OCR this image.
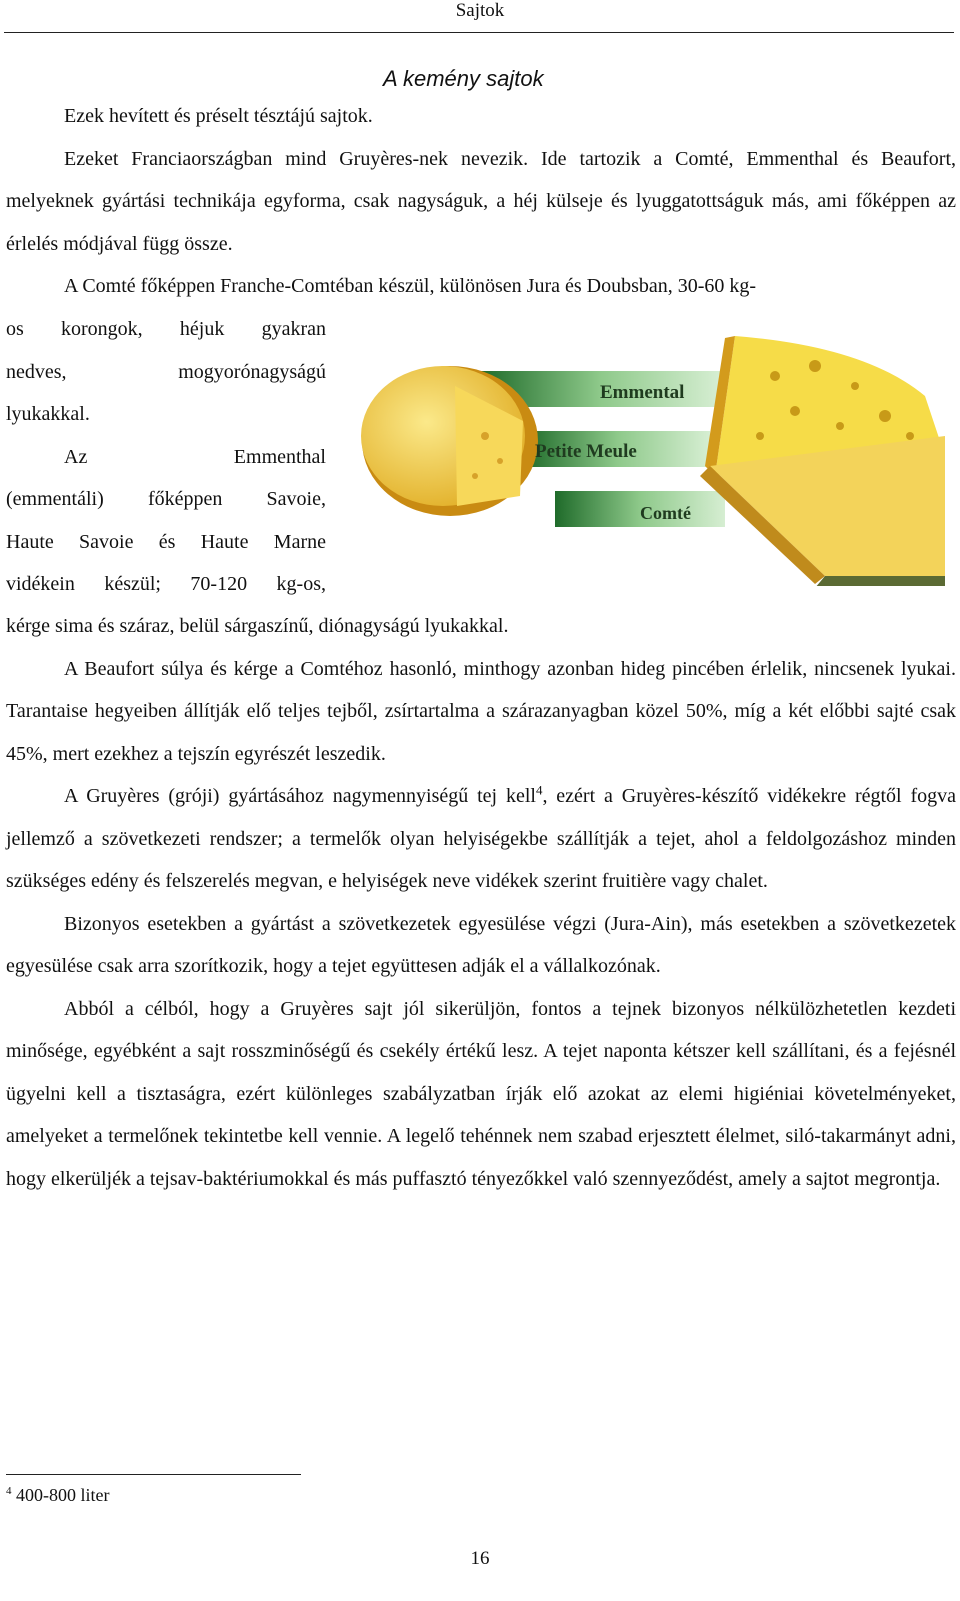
Sajtok
A kemény sajtok

Ezek hevített és préselt tésztájú sajtok.

Ezeket Franciaországban mind Gruyères-nek nevezik. Ide tartozik a Comté, Emmenthal és Beaufort, melyeknek gyártási technikája egyforma, csak nagyságuk, a héj külseje és lyuggatottságuk más, ami főképpen az érlelés módjával függ össze.

A Comté főképpen Franche-Comtéban készül, különösen Jura és Doubsban, 30-60 kg-

os korongok, héjuk gyakran

nedves, mogyorónagyságú

lyukakkal.

Az Emmenthal

(emmentáli) főképpen Savoie,

Haute Savoie és Haute Marne

vidékein készül; 70-120 kg-os,

Emmental
Petite Meule
Comté

kérge sima és száraz, belül sárgaszínű, diónagyságú lyukakkal.

A Beaufort súlya és kérge a Comtéhoz hasonló, minthogy azonban hideg pincében érlelik, nincsenek lyukai. Tarantaise hegyeiben állítják elő teljes tejből, zsírtartalma a szárazanyagban közel 50%, míg a két előbbi sajté csak 45%, mert ezekhez a tejszín egyrészét leszedik.

A Gruyères (gróji) gyártásához nagymennyiségű tej kell$^4$, ezért a Gruyères-készítő vidékekre régtől fogva jellemző a szövetkezeti rendszer; a termelők olyan helyiségekbe szállítják a tejet, ahol a feldolgozáshoz minden szükséges edény és felszerelés megvan, e helyiségek neve vidékek szerint fruitière vagy chalet.

Bizonyos esetekben a gyártást a szövetkezetek egyesülése végzi (Jura-Ain), más esetekben a szövetkezetek egyesülése csak arra szorítkozik, hogy a tejet együttesen adják el a vállalkozónak.

Abból a célból, hogy a Gruyères sajt jól sikerüljön, fontos a tejnek bizonyos nélkülözhetetlen kezdeti minősége, egyébként a sajt rosszminőségű és csekély értékű lesz. A tejet naponta kétszer kell szállítani, és a fejésnél ügyelni kell a tisztaságra, ezért különleges szabályzatban írják elő azokat az elemi higiéniai követelményeket, amelyeket a termelőnek tekintetbe kell vennie. A legelő tehénnek nem szabad erjesztett élelmet, siló-takarmányt adni, hogy elkerüljék a tejsav-baktériumokkal és más puffasztó tényezőkkel való szennyeződést, amely a sajtot megrontja.

$^4$ 400-800 liter
16
